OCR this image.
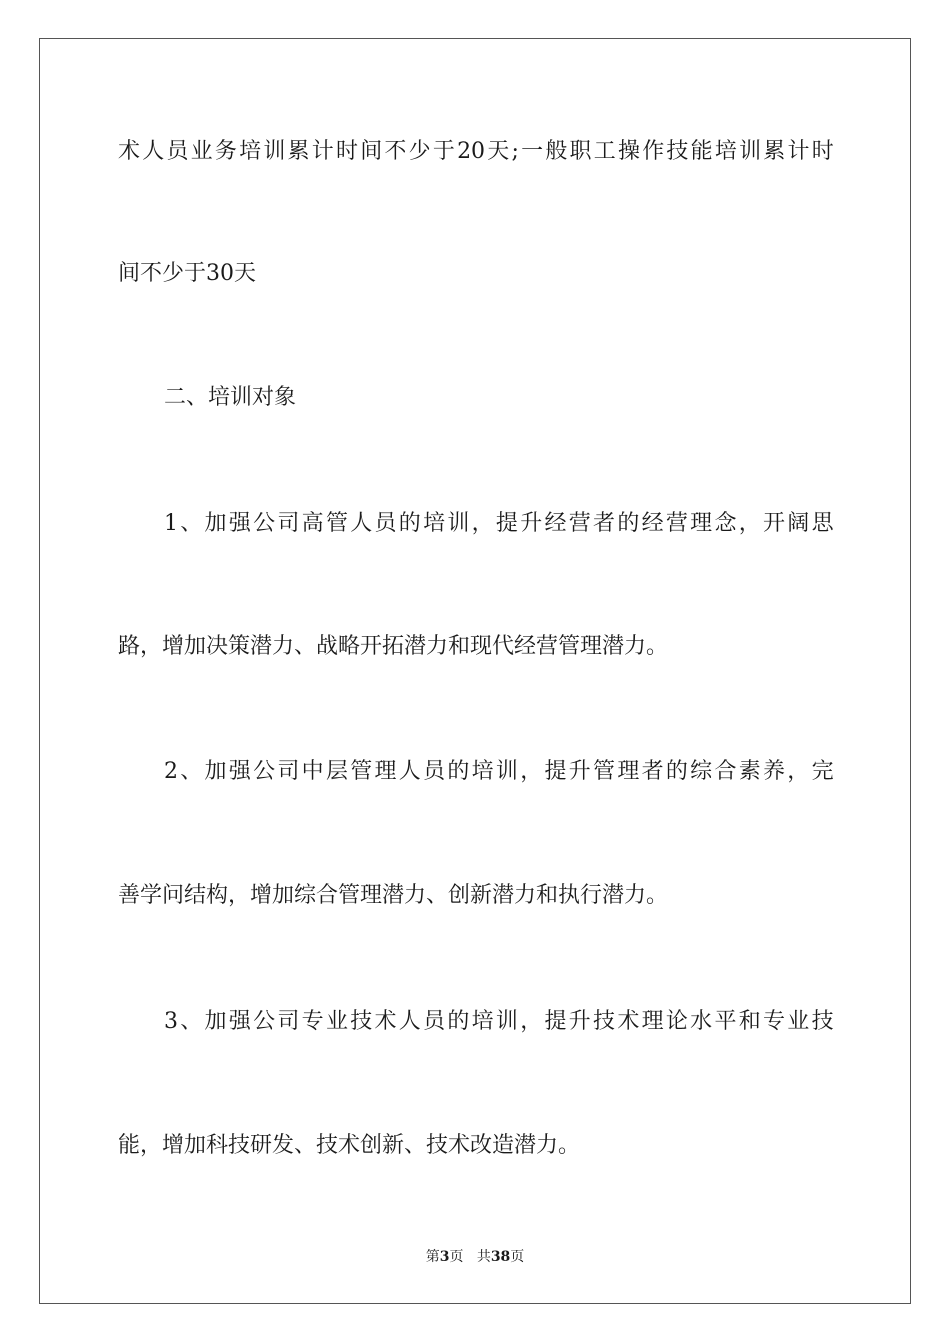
术 人 员 业 务 培 训 累 计 时 间 不 少 于 20 天 ; 一 般 职 工 操 作 技 能 培 训 累 计 时
间不少于30天
二、培训对象
1 、 加 强 公 司 高 管 人 员 的 培 训 ， 提 升 经 营 者 的 经 营 理 念 ， 开 阔 思
路，增加决策潜力、战略开拓潜力和现代经营管理潜力。
2 、 加 强 公 司 中 层 管 理 人 员 的 培 训 ， 提 升 管 理 者 的 综 合 素 养 ， 完
善学问结构，增加综合管理潜力、创新潜力和执行潜力。
3 、 加 强 公 司 专 业 技 术 人 员 的 培 训 ， 提 升 技 术 理 论 水 平 和 专 业 技
能，增加科技研发、技术创新、技术改造潜力。
第3页 共38页
